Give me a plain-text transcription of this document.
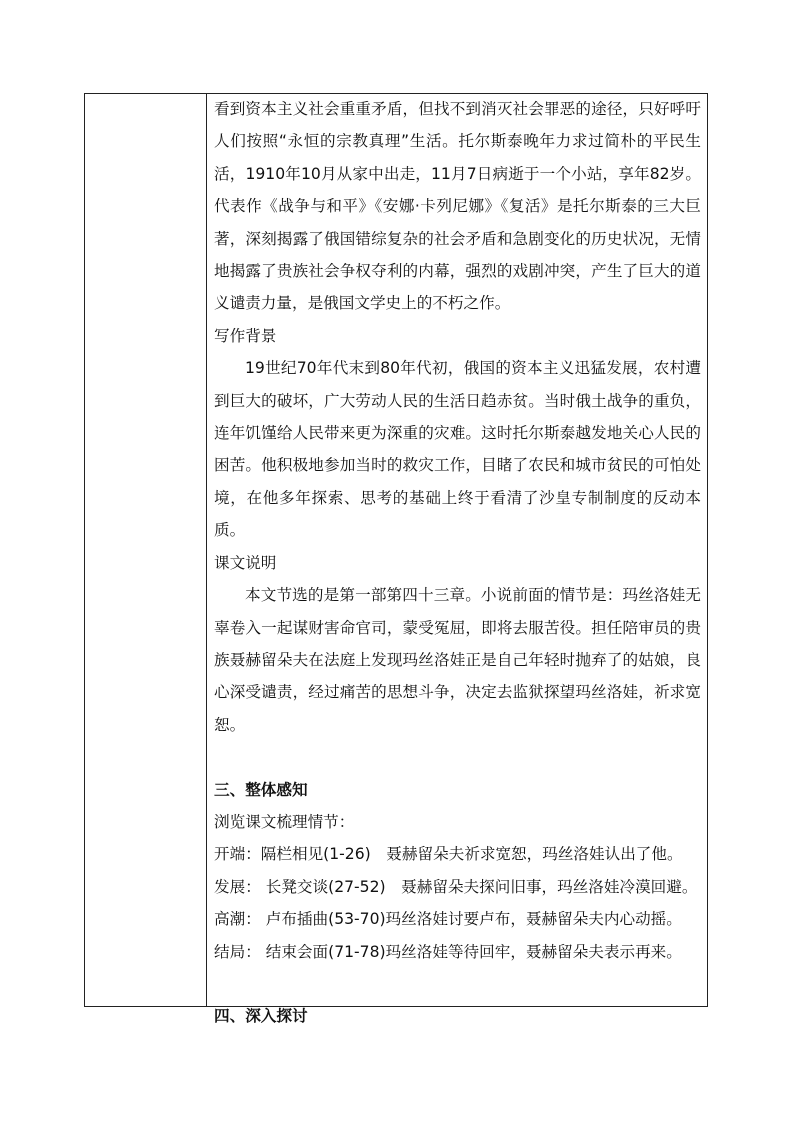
看到资本主义社会重重矛盾，但找不到消灭社会罪恶的途径，只好呼吁人们按照“永恒的宗教真理”生活。托尔斯泰晚年力求过简朴的平民生活，1910年10月从家中出走，11月7日病逝于一个小站，享年82岁。代表作《战争与和平》《安娜·卡列尼娜》《复活》是托尔斯泰的三大巨著，深刻揭露了俄国错综复杂的社会矛盾和急剧变化的历史状况，无情地揭露了贵族社会争权夺利的内幕，强烈的戏剧冲突，产生了巨大的道义谴责力量，是俄国文学史上的不朽之作。

写作背景

19世纪70年代末到80年代初，俄国的资本主义迅猛发展，农村遭到巨大的破坏，广大劳动人民的生活日趋赤贫。当时俄土战争的重负，连年饥馑给人民带来更为深重的灾难。这时托尔斯泰越发地关心人民的困苦。他积极地参加当时的救灾工作，目睹了农民和城市贫民的可怕处境，在他多年探索、思考的基础上终于看清了沙皇专制制度的反动本质。

课文说明

本文节选的是第一部第四十三章。小说前面的情节是：玛丝洛娃无辜卷入一起谋财害命官司，蒙受冤屈，即将去服苦役。担任陪审员的贵族聂赫留朵夫在法庭上发现玛丝洛娃正是自己年轻时抛弃了的姑娘，良心深受谴责，经过痛苦的思想斗争，决定去监狱探望玛丝洛娃，祈求宽恕。

三、整体感知

浏览课文梳理情节：

开端：隔栏相见(1-26)　聂赫留朵夫祈求宽恕，玛丝洛娃认出了他。

发展： 长凳交谈(27-52)　聂赫留朵夫探问旧事，玛丝洛娃冷漠回避。

高潮： 卢布插曲(53-70)玛丝洛娃讨要卢布，聂赫留朵夫内心动摇。

结局： 结束会面(71-78)玛丝洛娃等待回牢，聂赫留朵夫表示再来。

四、深入探讨
